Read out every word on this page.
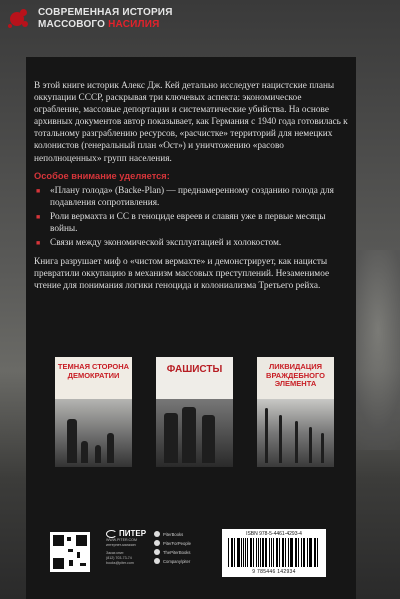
СОВРЕМЕННАЯ ИСТОРИЯ
МАССОВОГО НАСИЛИЯ

В этой книге историк Алекс Дж. Кей детально исследует нацистские планы оккупации СССР, раскрывая три ключевых аспекта: экономическое ограбление, массовые депортации и систематические убийства. На основе архивных документов автор показывает, как Германия с 1940 года готовилась к тотальному разграблению ресурсов, «расчистке» территорий для немецких колонистов (генеральный план «Ост») и уничтожению «расово неполноценных» групп населения.

Особое внимание уделяется:

■ «Плану голода» (Backe-Plan) — преднамеренному созданию голода для подавления сопротивления.
■ Роли вермахта и СС в геноциде евреев и славян уже в первые месяцы войны.
■ Связи между экономической эксплуатацией и холокостом.

Книга разрушает миф о «чистом вермахте» и демонстрирует, как нацисты превратили оккупацию в механизм массовых преступлений. Незаменимое чтение для понимания логики геноцида и колониализма Третьего рейха.

ТЕМНАЯ СТОРОНА ДЕМОКРАТИИ	ФАШИСТЫ	ЛИКВИДАЦИЯ ВРАЖДЕБНОГО ЭЛЕМЕНТА
ПИТЕР
WWW.PITER.COM
интернет-магазин
Заказ книг:
(812) 703-73-74
books@piter.com
PiterBooks
PiterForPeople
ThePiterBooks
Company/piter
ISBN 978-5-4461-4293-4
9 785446 142934
